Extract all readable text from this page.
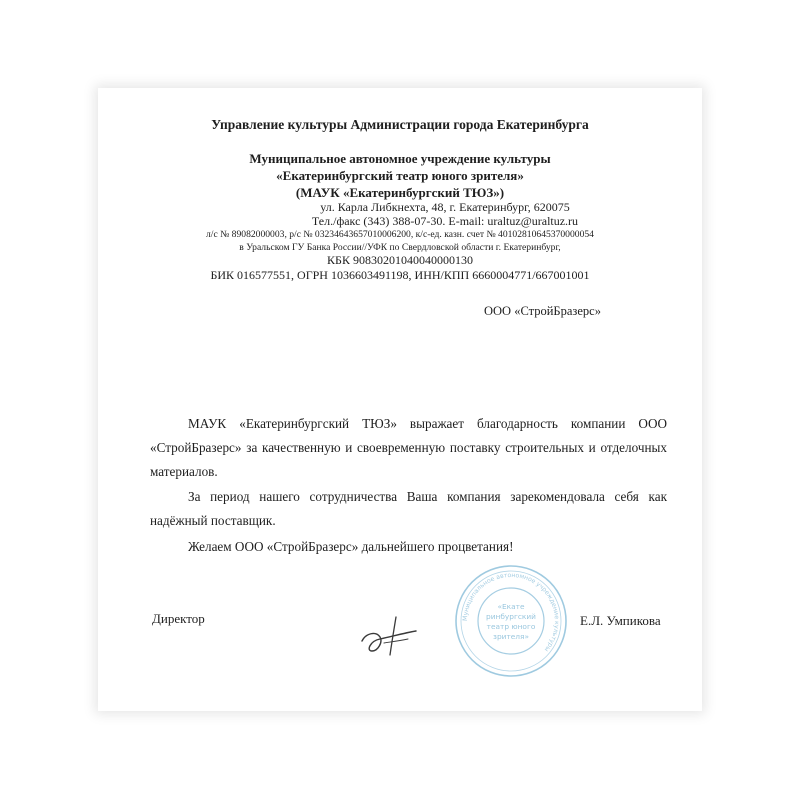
Управление культуры Администрации города Екатеринбурга
Муниципальное автономное учреждение культуры
«Екатеринбургский театр юного зрителя»
(МАУК «Екатеринбургский ТЮЗ»)
ул. Карла Либкнехта, 48, г. Екатеринбург, 620075
Тел./факс (343) 388-07-30. E-mail: uraltuz@uraltuz.ru
л/с № 89082000003, р/с № 03234643657010006200, к/с-ед. казн. счет № 40102810645370000054
в Уральском ГУ Банка России//УФК по Свердловской области г. Екатеринбург,
КБК 90830201040040000130
БИК 016577551, ОГРН 1036603491198, ИНН/КПП 6660004771/667001001
ООО «СтройБразерс»
МАУК «Екатеринбургский ТЮЗ» выражает благодарность компании ООО «СтройБразерс» за качественную и своевременную поставку строительных и отделочных материалов.
За период нашего сотрудничества Ваша компания зарекомендовала себя как надёжный поставщик.
Желаем ООО «СтройБразерс» дальнейшего процветания!
Директор	Е.Л. Умпикова
Муниципальное автономное учреждение культуры
«Екате
ринбургский
театр юного
зрителя»
